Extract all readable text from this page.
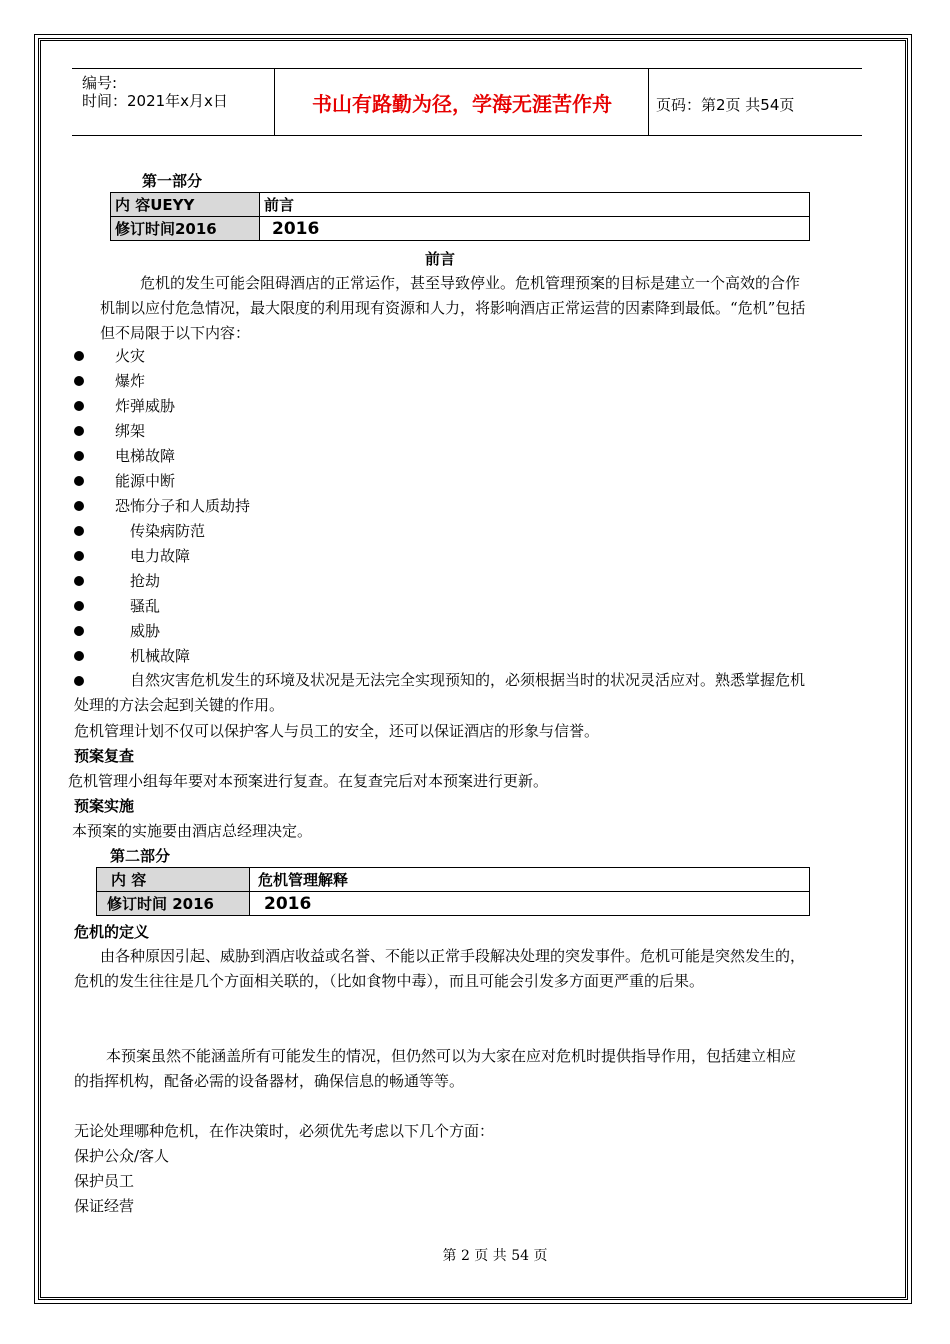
编号:
时间：2021年x月x日	书山有路勤为径，学海无涯苦作舟	页码：第2页 共54页
第一部分
内 容UEYY	前言
修订时间2016	2016
前言
危机的发生可能会阻碍酒店的正常运作，甚至导致停业。危机管理预案的目标是建立一个高效的合作机制以应付危急情况，最大限度的利用现有资源和人力，将影响酒店正常运营的因素降到最低。“危机”包括但不局限于以下内容：
火灾
爆炸
炸弹威胁
绑架
电梯故障
能源中断
恐怖分子和人质劫持
传染病防范
电力故障
抢劫
骚乱
威胁
机械故障
自然灾害危机发生的环境及状况是无法完全实现预知的，必须根据当时的状况灵活应对。熟悉掌握危机处理的方法会起到关键的作用。
危机管理计划不仅可以保护客人与员工的安全，还可以保证酒店的形象与信誉。
预案复查
危机管理小组每年要对本预案进行复查。在复查完后对本预案进行更新。
预案实施
本预案的实施要由酒店总经理决定。
第二部分
内 容	危机管理解释
修订时间 2016	2016
危机的定义
由各种原因引起、威胁到酒店收益或名誉、不能以正常手段解决处理的突发事件。危机可能是突然发生的，危机的发生往往是几个方面相关联的，（比如食物中毒），而且可能会引发多方面更严重的后果。
本预案虽然不能涵盖所有可能发生的情况，但仍然可以为大家在应对危机时提供指导作用，包括建立相应的指挥机构，配备必需的设备器材，确保信息的畅通等等。
无论处理哪种危机，在作决策时，必须优先考虑以下几个方面：
保护公众/客人
保护员工
保证经营
第 2 页 共 54 页
